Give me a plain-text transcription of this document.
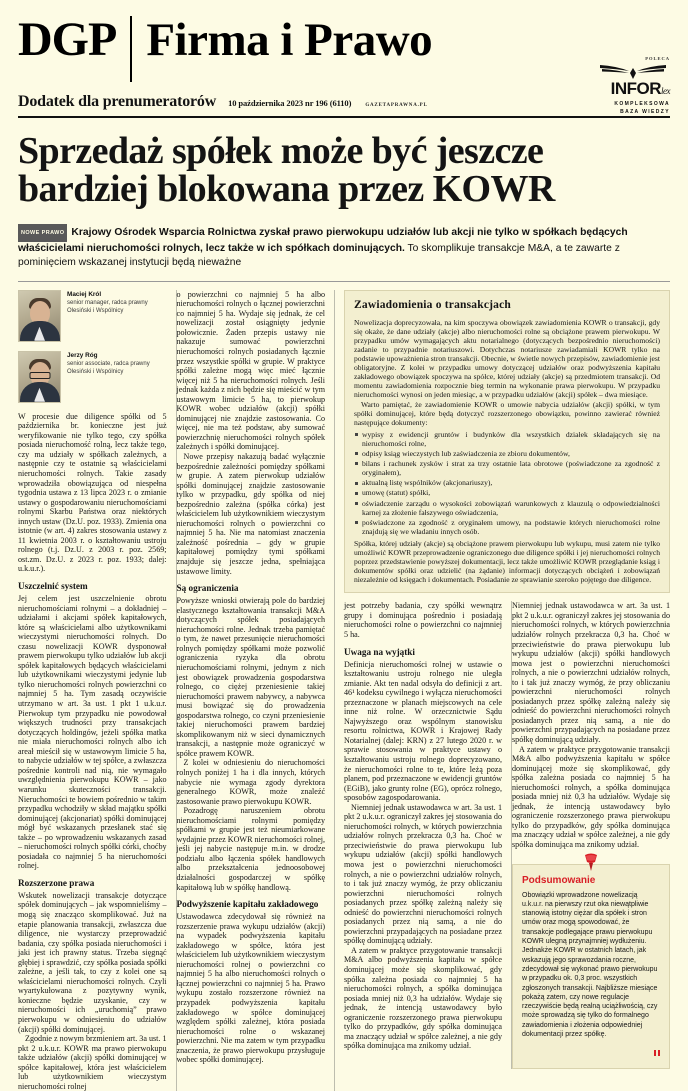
DGP Firma i Prawo
Dodatek dla prenumeratorów 10 października 2023 nr 196 (6110)	GAZETAPRAWNA.PL
POLECA
INFORlex
KOMPLEKSOWA
BAZA WIEDZY
Sprzedaż spółek może być jeszcze bardziej blokowana przez KOWR
NOWE PRAWO Krajowy Ośrodek Wsparcia Rolnictwa zyskał prawo pierwokupu udziałów lub akcji nie tylko w spółkach będących właścicielami nieruchomości rolnych, lecz także w ich spółkach dominujących. To skomplikuje transakcje M&A, a te zawarte z pominięciem wskazanej instytucji będą nieważne
Maciej Król
senior manager, radca prawny
Olesiński i Wspólnicy
Jerzy Róg
senior associate, radca prawny
Olesiński i Wspólnicy

W procesie due diligence spółki od 5 października br. konieczne jest już weryfikowanie nie tylko tego, czy spółka posiada nieruchomość rolną, lecz także tego, czy ma udziały w spółkach zależnych, a następnie czy te ostatnie są właścicielami nieruchomości rolnych. Takie zasady wprowadziła obowiązująca od niespełna tygodnia ustawa z 13 lipca 2023 r. o zmianie ustawy o gospodarowaniu nieruchomościami rolnymi Skarbu Państwa oraz niektórych innych ustaw (Dz.U. poz. 1933). Zmienia ona istotnie (w art. 4) zakres stosowania ustawy z 11 kwietnia 2003 r. o kształtowaniu ustroju rolnego (t.j. Dz.U. z 2003 r. poz. 2569; ost.zm. Dz.U. z 2023 r. poz. 1933; dalej: u.k.u.r.).

Uszczelnić system

Jej celem jest uszczelnienie obrotu nieruchomościami rolnymi – a dokładniej – udziałami i akcjami spółek kapitałowych, które są właścicielami albo użytkownikami wieczystymi nieruchomości rolnych. Do czasu nowelizacji KOWR dysponował prawem pierwokupu tylko udziałów lub akcji spółek kapitałowych będących właścicielami lub użytkownikami wieczystymi jedynie lub tylko nieruchomości rolnych powierzchni co najmniej 5 ha. Tym zasadą oczywiście utrzymano w art. 3a ust. 1 pkt 1 u.k.u.r. Pierwokup tym przypadku nie powodował większych trudności przy transakcjach dotyczących holdingów, jeżeli spółka matka nie miała nieruchomości rolnych albo ich areał mieścił się w ustawowym limicie 5 ha, to nabycie udziałów w tej spółce, a zwłaszcza pośrednie kontroli nad nią, nie wymagało uwzględnienia pierwokupu KOWR – jako warunku skuteczności transakcji. Nieruchomości te bowiem pośrednio w takim przypadku wchodziły w skład majątku spółki dominującej (akcjonariat) spółki dominującej mógł być wskazanych przesłanek stać się także – po wprowadzeniu wskazanych zasad – nieruchomości rolnych spółki córki, choćby posiadała co najmniej 5 ha nieruchomości rolnej.

Rozszerzone prawa

Wskutek nowelizacji transakcje dotyczące spółek dominujących – jak wspomnieliśmy – mogą się znacząco skomplikować. Już na etapie planowania transakcji, zwłaszcza due diligence, nie wystarczy przeprowadzić badania, czy spółka posiada nieruchomości i jaki jest ich prawny status. Trzeba sięgnąć głębiej i sprawdzić, czy spółka posiada spółki zależne, a jeśli tak, to czy z kolei one są właścicielami nieruchomości rolnych. Czyli wyartykułowana z pozytywny wynik, konieczne będzie uzyskanie, czy w nieruchomości ich „uruchomią” prawo pierwokupu w odniesieniu do udziałów (akcji) spółki dominującej.

Zgodnie z nowym brzmieniem art. 3a ust. 1 pkt 2 u.k.u.r. KOWR ma prawo pierwokupu także udziałów (akcji) spółki dominującej w spółce kapitałowej, która jest właścicielem lub użytkownikiem wieczystym nieruchomości rolnej

o powierzchni co najmniej 5 ha albo nieruchomości rolnych o łącznej powierzchni co najmniej 5 ha. Wydaje się jednak, że cel nowelizacji został osiągnięty jedynie połowicznie. Żaden przepis ustawy nie nakazuje sumować powierzchni nieruchomości rolnych posiadanych łącznie przez wszystkie spółki w grupie. W praktyce spółki zależne mogą więc mieć łącznie więcej niż 5 ha nieruchomości rolnych. Jeśli jednak każda z nich będzie się mieścić w tym ustawowym limicie 5 ha, to pierwokup KOWR wobec udziałów (akcji) spółki dominującej nie znajdzie zastosowania. Co więcej, nie ma też podstaw, aby sumować powierzchnię nieruchomości rolnych spółek zależnych i spółki dominującej.

Nowe przepisy nakazują badać wyłącznie bezpośrednie zależności pomiędzy spółkami w grupie. A zatem pierwokup udziałów spółki dominującej znajdzie zastosowanie tylko w przypadku, gdy spółka od niej bezpośrednio zależna (spółka córka) jest właścicielem lub użytkownikiem wieczystym nieruchomości rolnych o powierzchni co najmniej 5 ha. Nie ma natomiast znaczenia zależność pośrednia – gdy w grupie kapitałowej pomiędzy tymi spółkami znajduje się jeszcze jedna, spełniająca ustawowe limity.

Są ograniczenia

Powyższe wnioski otwierają pole do bardziej elastycznego kształtowania transakcji M&A dotyczących spółek posiadających nieruchomości rolne. Jednak trzeba pamiętać o tym, że nawet przesunięcie nieruchomości rolnych pomiędzy spółkami może pozwolić ograniczenia ryzyka dla obrotu nieruchomościami rolnymi, jednym z nich jest obowiązek prowadzenia gospodarstwa rolnego, co ciężej przeniesienie takiej nieruchomości prawem nabywcy, a nabywca musi bowiązać się do prowadzenia gospodarstwa rolnego, co czyni przeniesienie takiej nieruchomości prawem bardziej skomplikowanym niż w sieci dynamicznych transakcji, a następnie może ograniczyć w spółce prawem KOWR.

Z kolei w odniesieniu do nieruchomości rolnych poniżej 1 ha i dla innych, których nabycie nie wymaga zgody dyrektora generalnego KOWR, może znaleźć zastosowanie prawo pierwokupu KOWR.

Pozadrogę naruszeniem obrotu nieruchomościami rolnymi pomiędzy spółkami w grupie jest też nieumiarkowane wydajnie przez KOWR nieruchomości rolnej, jeśli jej nabycie następuje m.in. w drodze podziału albo łączenia spółek handlowych albo przekształcenia jednoosobowej działalności gospodarczej w spółkę kapitałową lub w spółkę handlową.

Podwyższenie kapitału zakładowego

Ustawodawca zdecydował się również na rozszerzenie prawa wykupu udziałów (akcji) na wypadek podwyższenia kapitału zakładowego w spółce, która jest właścicielem lub użytkownikiem wieczystym nieruchomości rolnej o powierzchni co najmniej 5 ha albo nieruchomości rolnych o łącznej powierzchni co najmniej 5 ha. Prawo wykupu zostało rozszerzone również na przypadek podwyższenia kapitału zakładowego w spółce dominującej względem spółki zależnej, która posiada nieruchomości rolne o wskazanej powierzchni. Nie ma zatem w tym przypadku znaczenia, że prawo pierwokupu przysługuje wobec spółki dominującej.

Zawiadomienia o transakcjach

Nowelizacja doprecyzowała, na kim spoczywa obowiązek zawiadomienia KOWR o transakcji, gdy się okaże, że dane udziały (akcje) albo nieruchomości rolne są obciążone prawem pierwokupu. W przypadku umów wymagających aktu notarialnego (dotyczących bezpośrednio nieruchomości) zadanie to przypadnie notariuszowi. Dotychczas notariusze zawiadamiali KOWR tylko na podstawie upoważnienia stron transakcji. Obecnie, w świetle nowych przepisów, zawiadomienie jest obligatoryjne. Z kolei w przypadku umowy dotyczącej udziałów oraz podwyższenia kapitału zakładowego obowiązek spoczywa na spółce, której udziały (akcje) są przedmiotem transakcji. Od momentu zawiadomienia rozpocznie bieg termin na wykonanie prawa pierwokupu. W przypadku nieruchomości wynosi on jeden miesiąc, a w przypadku udziałów (akcji) spółek – dwa miesiące.

Warto pamiętać, że zawiadomienie KOWR o umowie nabycia udziałów (akcji) spółki, w tym spółki dominującej, które będą dotyczyć rozszerzonego obowiązku, powinno zawierać również następujące dokumenty:

wypisy z ewidencji gruntów i budynków dla wszystkich działek składających się na nieruchomości rolne,
odpisy ksiąg wieczystych lub zaświadczenia ze zbioru dokumentów,
bilans i rachunek zysków i strat za trzy ostatnie lata obrotowe (poświadczone za zgodność z oryginałem),
aktualną listę wspólników (akcjonariuszy),
umowę (statut) spółki,
oświadczenie zarządu o wysokości zobowiązań warunkowych z klauzulą o odpowiedzialności karnej za złożenie fałszywego oświadczenia,
poświadczone za zgodność z oryginałem umowy, na podstawie których nieruchomości rolne znajdują się we władaniu innych osób.

Spółka, której udziały (akcje) są obciążone prawem pierwokupu lub wykupu, musi zatem nie tylko umożliwić KOWR przeprowadzenie ograniczonego due diligence spółki i jej nieruchomości rolnych poprzez przedstawienie powyższej dokumentacji, lecz także umożliwić KOWR przeglądanie ksiąg i dokumentów spółki oraz udzielić (na żądanie) informacji dotyczących obciążeń i zobowiązań niezależnie od księgach i dokumentach. Posiadanie ze sprawianie szeroko pojętego due diligence.

jest potrzeby badania, czy spółki wewnątrz grupy i dominująca pośrednio i posiadają nieruchomości rolne o powierzchni co najmniej 5 ha.

Uwaga na wyjątki

Definicja nieruchomości rolnej w ustawie o kształtowaniu ustroju rolnego nie uległa zmianie. Akt ten nadal odsyła do definicji z art. 46¹ kodeksu cywilnego i wyłącza nieruchomości przeznaczone w planach miejscowych na cele inne niż rolne. W orzecznictwie Sądu Najwyższego oraz wspólnym stanowisku resortu rolnictwa, KOWR i Krajowej Rady Notarialnej (dalej: KRN) z 27 lutego 2020 r. w sprawie stosowania w praktyce ustawy o kształtowaniu ustroju rolnego doprecyzowano, że nieruchomości rolne to te, które leżą poza planem, pod przeznaczone w ewidencji gruntów (EGiB), jako grunty rolne (EG), oprócz rolnego, sposobów zagospodarowania.

Niemniej jednak ustawodawca w art. 3a ust. 1 pkt 2 u.k.u.r. ograniczył zakres jej stosowania do nieruchomości rolnych, w których powierzchnia udziałów rolnych przekracza 0,3 ha. Choć w przeciwieństwie do prawa pierwokupu lub wykupu udziałów (akcji) spółki handlowych mowa jest o powierzchni nieruchomości rolnych, a nie o powierzchni udziałów rolnych, to i tak już znaczy wymóg, że przy obliczaniu powierzchni nieruchomości rolnych posiadanych przez spółkę zależną należy się odnieść do powierzchni nieruchomości rolnych posiadanych przez nią samą, a nie do powierzchni przypadających na posiadane przez spółkę dominującą udziały.

A zatem w praktyce przygotowanie transakcji M&A albo podwyższenia kapitału w spółce dominującej może się skomplikować, gdy spółka zależna posiada co najmniej 5 ha nieruchomości rolnych, a spółka dominująca posiada mniej niż 0,3 ha udziałów. Wydaje się jednak, że intencją ustawodawcy było ograniczenie rozszerzonego prawa pierwokupu tylko do przypadków, gdy spółka dominująca ma znaczący udział w spółce zależnej, a nie gdy spółka dominująca ma znikomy udział.

Niemniej jednak ustawodawca w art. 3a ust. 1 pkt 2 u.k.u.r. ograniczył zakres jej stosowania do nieruchomości rolnych, w których powierzchnia udziałów rolnych przekracza 0,3 ha. Choć w przeciwieństwie do prawa pierwokupu lub wykupu udziałów (akcji) spółki handlowych mowa jest o powierzchni nieruchomości rolnych, a nie o powierzchni udziałów rolnych, to i tak już znaczy wymóg, że przy obliczaniu powierzchni nieruchomości rolnych posiadanych przez spółkę zależną należy się odnieść do powierzchni nieruchomości rolnych posiadanych przez nią samą, a nie do powierzchni przypadających na posiadane przez spółkę dominującą udziały.

A zatem w praktyce przygotowanie transakcji M&A albo podwyższenia kapitału w spółce dominującej może się skomplikować, gdy spółka zależna posiada co najmniej 5 ha nieruchomości rolnych, a spółka dominująca posiada mniej niż 0,3 ha udziałów. Wydaje się jednak, że intencją ustawodawcy było ograniczenie rozszerzonego prawa pierwokupu tylko do przypadków, gdy spółka dominująca ma znaczący udział w spółce zależnej, a nie gdy spółka dominująca ma znikomy udział.

Podsumowanie

Obowiązki wprowadzone nowelizacją u.k.u.r. na pierwszy rzut oka niewątpliwie stanowią istotny ciężar dla spółek i stron umów oraz mogą spowodować, że transakcje podlegające prawu pierwokupu KOWR ulegną przynajmniej wydłużeniu. Jednakże KOWR w ostatnich latach, jak wskazują jego sprawozdania roczne, zdecydował się wykonać prawo pierwokupu w przypadku ok. 0,3 proc. wszystkich zgłoszonych transakcji. Najbliższe miesiące pokażą zatem, czy nowe regulacje rzeczywiście będą realną uciążliwością, czy może sprowadzą się tylko do formalnego zawiadomienia i złożenia odpowiedniej dokumentacji przez spółkę.
